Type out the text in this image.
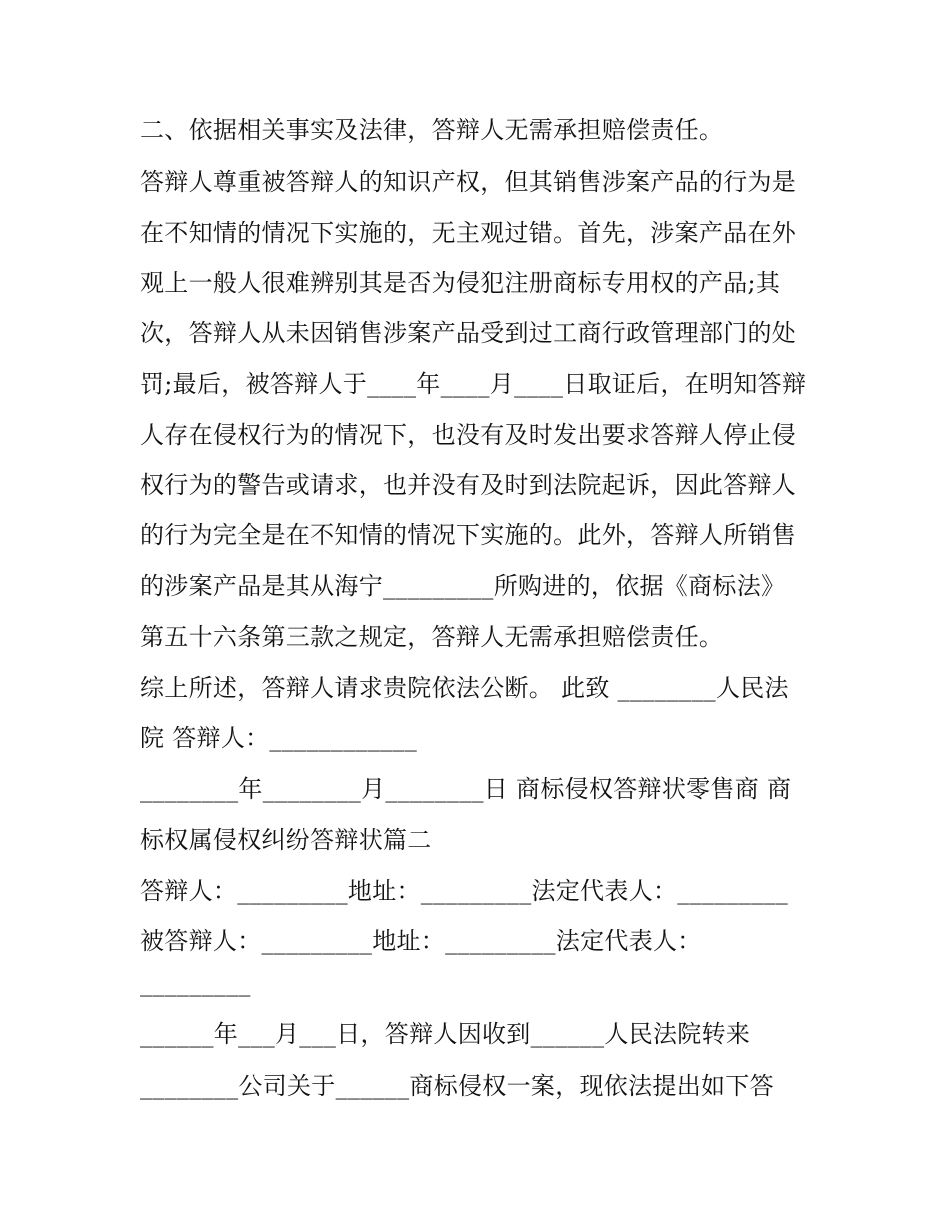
二、依据相关事实及法律，答辩人无需承担赔偿责任。
答辩人尊重被答辩人的知识产权，但其销售涉案产品的行为是
在不知情的情况下实施的，无主观过错。首先，涉案产品在外
观上一般人很难辨别其是否为侵犯注册商标专用权的产品;其
次，答辩人从未因销售涉案产品受到过工商行政管理部门的处
罚;最后，被答辩人于____年____月____日取证后，在明知答辩
人存在侵权行为的情况下，也没有及时发出要求答辩人停止侵
权行为的警告或请求，也并没有及时到法院起诉，因此答辩人
的行为完全是在不知情的情况下实施的。此外，答辩人所销售
的涉案产品是其从海宁_________所购进的，依据《商标法》
第五十六条第三款之规定，答辩人无需承担赔偿责任。
综上所述，答辩人请求贵院依法公断。 此致 ________人民法
院 答辩人：____________
________年________月________日 商标侵权答辩状零售商 商
标权属侵权纠纷答辩状篇二
答辩人：_________地址：_________法定代表人：_________
被答辩人：_________地址：_________法定代表人：
_________
______年___月___日，答辩人因收到______人民法院转来
________公司关于______商标侵权一案，现依法提出如下答
